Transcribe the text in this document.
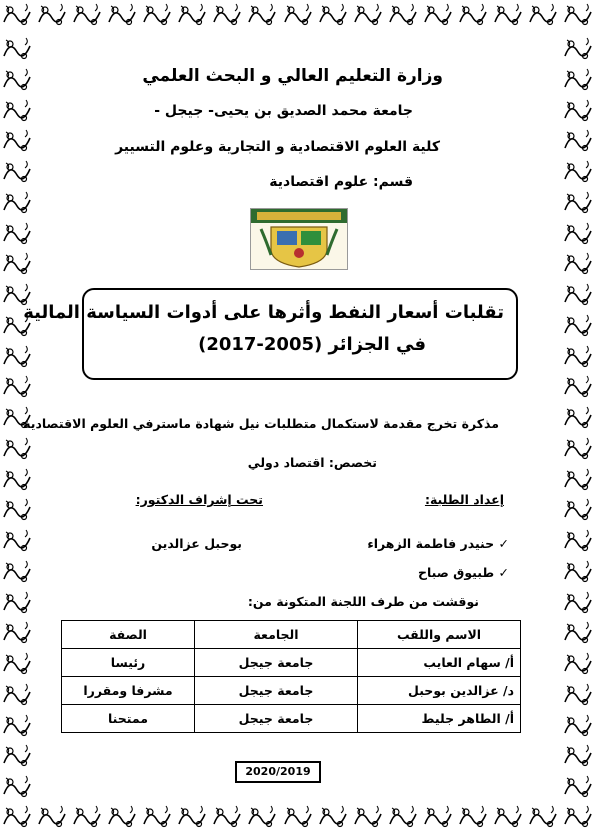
وزارة التعليم العالي و البحث العلمي
جامعة محمد الصديق بن يحيى- جيجل -
كلية العلوم الاقتصادية و التجارية وعلوم التسيير
قسم: علوم اقتصادية
تقلبات أسعار النفط وأثرها على أدوات السياسة المالية
في الجزائر (2005-2017)
مذكرة تخرج مقدمة لاستكمال متطلبات نيل شهادة ماسترفي العلوم الاقتصادية
تخصص: اقتصاد دولي
إعداد الطلبة:
تحت إشراف الدكتور:
✓ حنيدر فاطمة الزهراء
بوحبل عزالدين
✓ طبيوق صباح
نوقشت من طرف اللجنة المتكونة من:
الاسم واللقب	الجامعة	الصفة
أ/ سهام العايب	جامعة جيجل	رئيسا
د/ عزالدين بوحبل	جامعة جيجل	مشرفا ومقررا
أ/ الطاهر جليط	جامعة جيجل	ممتحنا
2020/2019
